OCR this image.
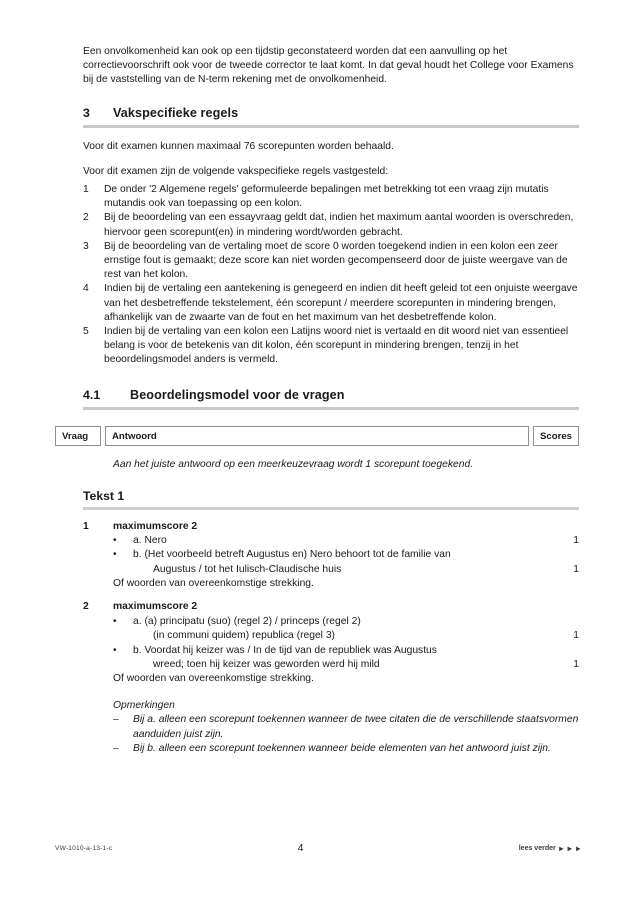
Een onvolkomenheid kan ook op een tijdstip geconstateerd worden dat een aanvulling op het correctievoorschrift ook voor de tweede corrector te laat komt. In dat geval houdt het College voor Examens bij de vaststelling van de N-term rekening met de onvolkomenheid.

3	Vakspecifieke regels

Voor dit examen kunnen maximaal 76 scorepunten worden behaald.

Voor dit examen zijn de volgende vakspecifieke regels vastgesteld:

1	De onder '2 Algemene regels' geformuleerde bepalingen met betrekking tot een vraag zijn mutatis mutandis ook van toepassing op een kolon.
2	Bij de beoordeling van een essayvraag geldt dat, indien het maximum aantal woorden is overschreden, hiervoor geen scorepunt(en) in mindering wordt/worden gebracht.
3	Bij de beoordeling van de vertaling moet de score 0 worden toegekend indien in een kolon een zeer ernstige fout is gemaakt; deze score kan niet worden gecompenseerd door de juiste weergave van de rest van het kolon.
4	Indien bij de vertaling een aantekening is genegeerd en indien dit heeft geleid tot een onjuiste weergave van het desbetreffende tekstelement, één scorepunt / meerdere scorepunten in mindering brengen, afhankelijk van de zwaarte van de fout en het maximum van het desbetreffende kolon.
5	Indien bij de vertaling van een kolon een Latijns woord niet is vertaald en dit woord niet van essentieel belang is voor de betekenis van dit kolon, één scorepunt in mindering brengen, tenzij in het beoordelingsmodel anders is vermeld.
4.1	Beoordelingsmodel voor de vragen
Vraag	Antwoord	Scores
Aan het juiste antwoord op een meerkeuzevraag wordt 1 scorepunt toegekend.
Tekst 1
1	maximumscore 2
•	a. Nero	1
•	b. (Het voorbeeld betreft Augustus en) Nero behoort tot de familie van
Augustus / tot het Iulisch-Claudische huis	1
Of woorden van overeenkomstige strekking.
2	maximumscore 2
•	a. (a) principatu (suo) (regel 2) / princeps (regel 2)
(in communi quidem) republica (regel 3)	1
•	b. Voordat hij keizer was / In de tijd van de republiek was Augustus
wreed; toen hij keizer was geworden werd hij mild	1
Of woorden van overeenkomstige strekking.
Opmerkingen
–	Bij a. alleen een scorepunt toekennen wanneer de twee citaten die de verschillende staatsvormen aanduiden juist zijn.
–	Bij b. alleen een scorepunt toekennen wanneer beide elementen van het antwoord juist zijn.
VW-1010-a-13-1-c	4	lees verder ►►►
